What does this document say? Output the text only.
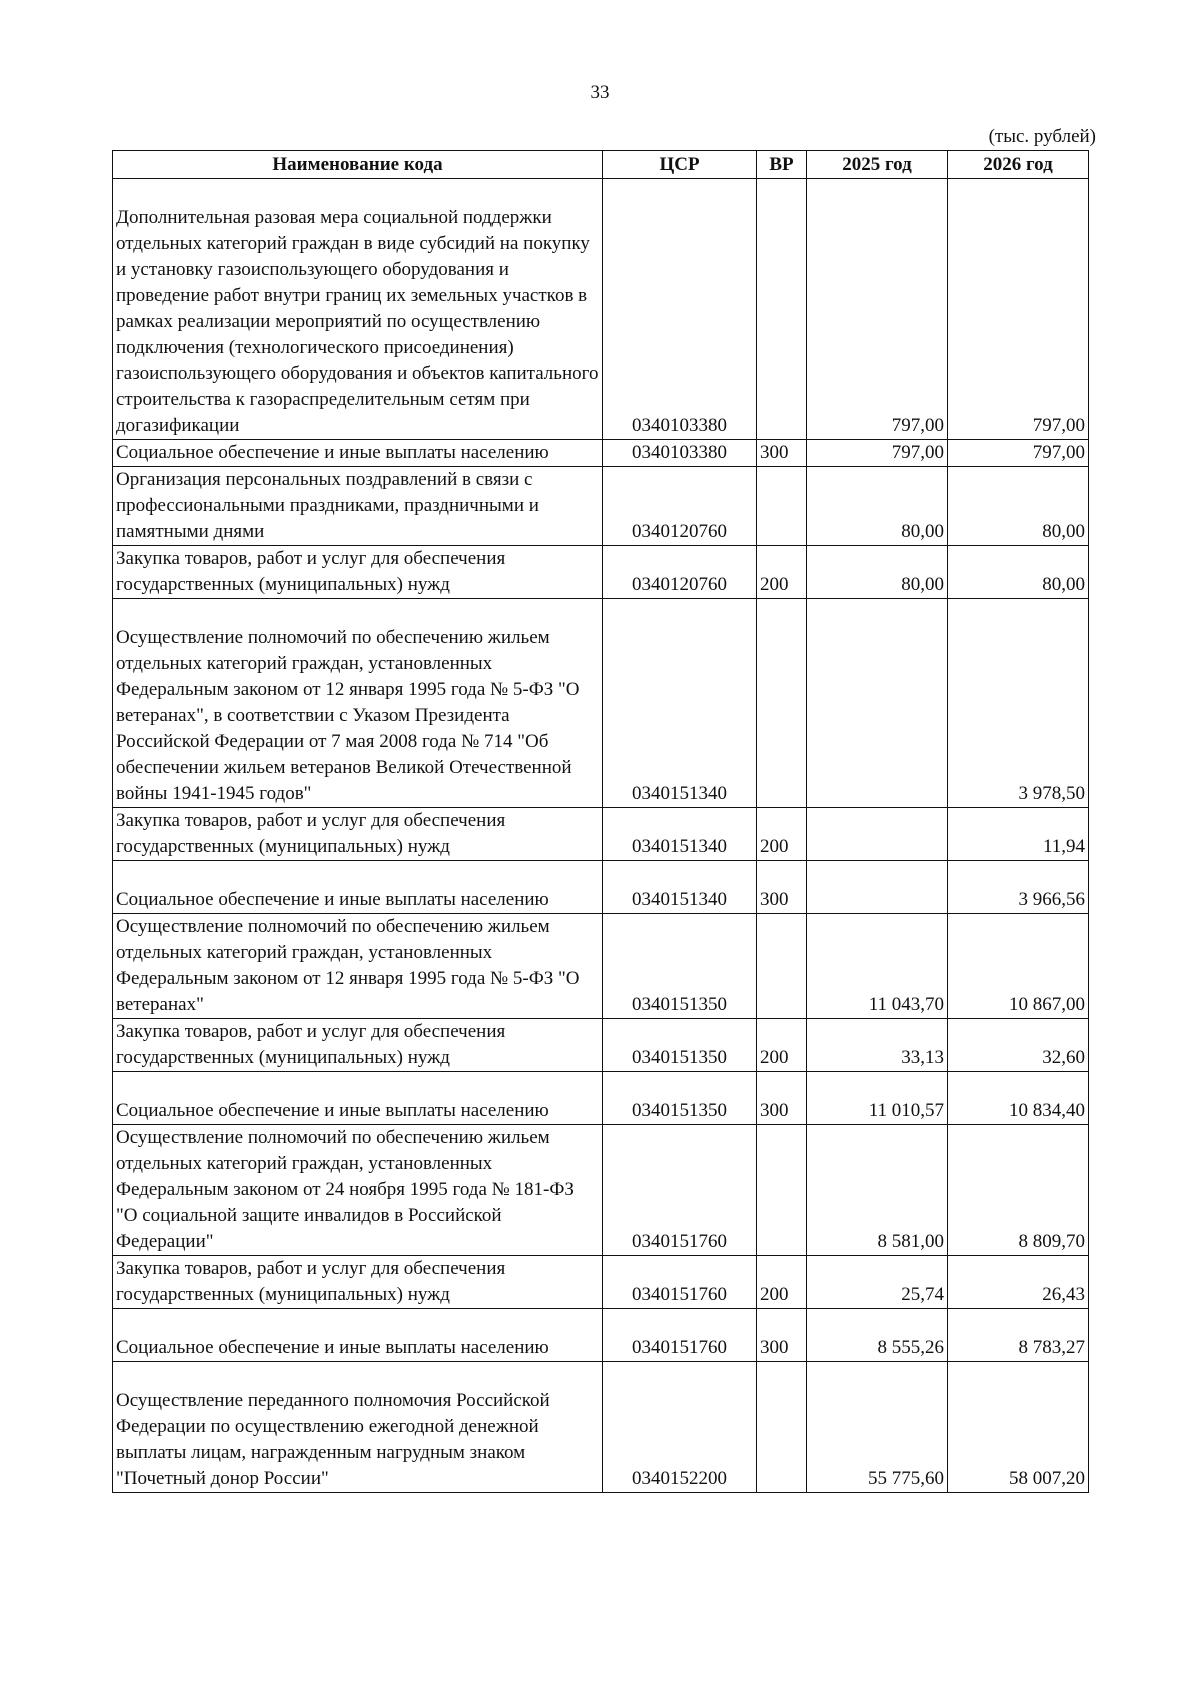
33
(тыс. рублей)
Наименование кода	ЦСР	ВР	2025 год	2026 год
Дополнительная разовая мера социальной поддержки отдельных категорий граждан в виде субсидий на покупку и установку газоиспользующего оборудования и проведение работ внутри границ их земельных участков в рамках реализации мероприятий по осуществлению подключения (технологического присоединения) газоиспользующего оборудования и объектов капитального строительства к газораспределительным сетям при догазификации	0340103380		797,00	797,00
Социальное обеспечение и иные выплаты населению	0340103380	300	797,00	797,00
Организация персональных поздравлений в связи с профессиональными праздниками, праздничными и памятными днями	0340120760		80,00	80,00
Закупка товаров, работ и услуг для обеспечения государственных (муниципальных) нужд	0340120760	200	80,00	80,00
Осуществление полномочий по обеспечению жильем отдельных категорий граждан, установленных Федеральным законом от 12 января 1995 года № 5-ФЗ "О ветеранах", в соответствии с Указом Президента Российской Федерации от 7 мая 2008 года № 714 "Об обеспечении жильем ветеранов Великой Отечественной войны 1941-1945 годов"	0340151340			3 978,50
Закупка товаров, работ и услуг для обеспечения государственных (муниципальных) нужд	0340151340	200		11,94
Социальное обеспечение и иные выплаты населению	0340151340	300		3 966,56
Осуществление полномочий по обеспечению жильем отдельных категорий граждан, установленных Федеральным законом от 12 января 1995 года № 5-ФЗ "О ветеранах"	0340151350		11 043,70	10 867,00
Закупка товаров, работ и услуг для обеспечения государственных (муниципальных) нужд	0340151350	200	33,13	32,60
Социальное обеспечение и иные выплаты населению	0340151350	300	11 010,57	10 834,40
Осуществление полномочий по обеспечению жильем отдельных категорий граждан, установленных Федеральным законом от 24 ноября 1995 года № 181-ФЗ "О социальной защите инвалидов в Российской Федерации"	0340151760		8 581,00	8 809,70
Закупка товаров, работ и услуг для обеспечения государственных (муниципальных) нужд	0340151760	200	25,74	26,43
Социальное обеспечение и иные выплаты населению	0340151760	300	8 555,26	8 783,27
Осуществление переданного полномочия Российской Федерации по осуществлению ежегодной денежной выплаты лицам, награжденным нагрудным знаком "Почетный донор России"	0340152200		55 775,60	58 007,20
